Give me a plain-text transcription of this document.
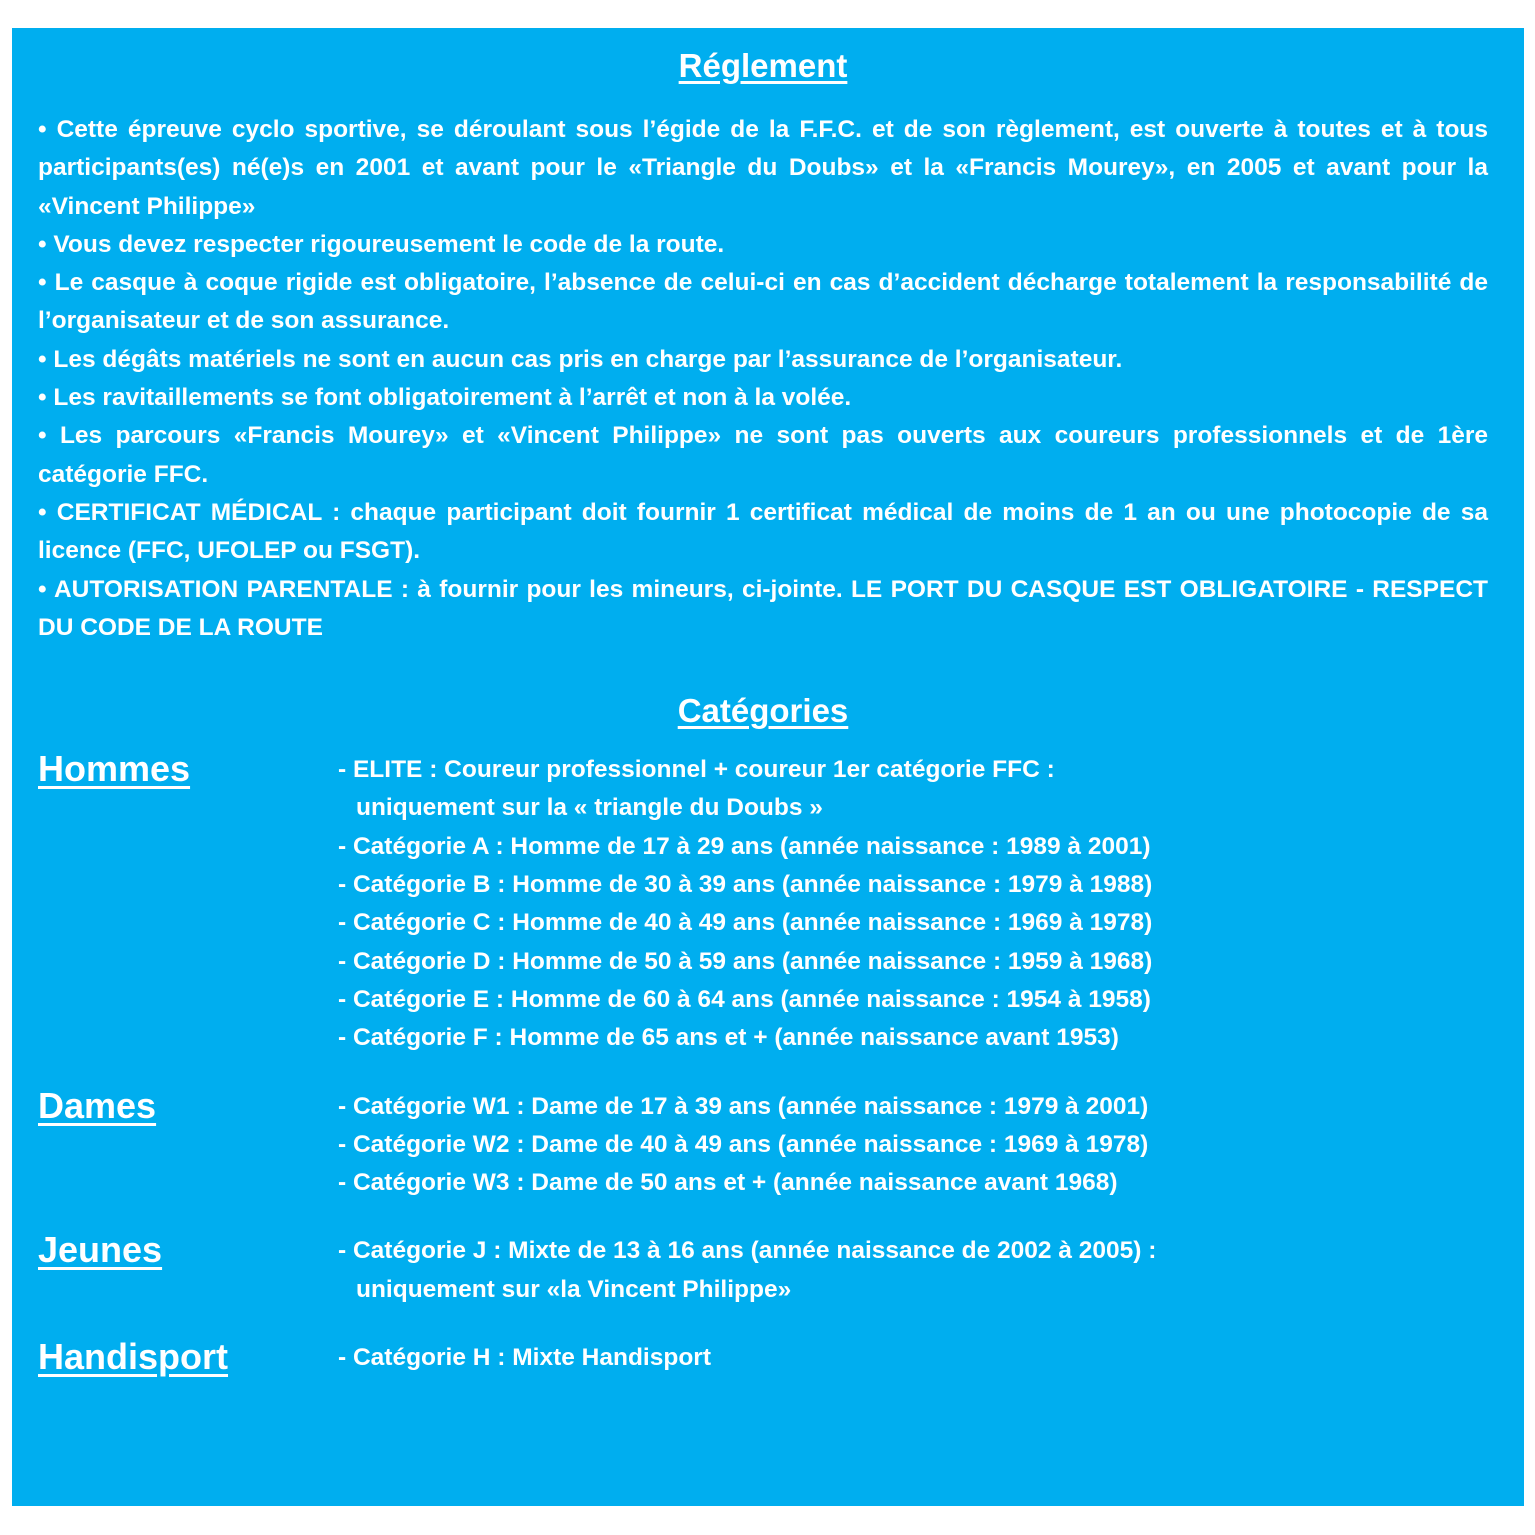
Réglement

• Cette épreuve cyclo sportive, se déroulant sous l’égide de la F.F.C. et de son règlement, est ouverte à toutes et à tous participants(es) né(e)s en 2001 et avant pour le «Triangle du Doubs» et la «Francis Mourey», en 2005 et avant pour la «Vincent Philippe»

• Vous devez respecter rigoureusement le code de la route.

• Le casque à coque rigide est obligatoire, l’absence de celui-ci en cas d’accident décharge totalement la responsabilité de l’organisateur et de son assurance.

• Les dégâts matériels ne sont en aucun cas pris en charge par l’assurance de l’organisateur.

• Les ravitaillements se font obligatoirement à l’arrêt et non à la volée.

• Les parcours «Francis Mourey» et «Vincent Philippe» ne sont pas ouverts aux coureurs professionnels et de 1ère catégorie FFC.

• CERTIFICAT MÉDICAL : chaque participant doit fournir 1 certificat médical de moins de 1 an ou une photocopie de sa licence (FFC, UFOLEP ou FSGT).

• AUTORISATION PARENTALE : à fournir pour les mineurs, ci-jointe. LE PORT DU CASQUE EST OBLIGATOIRE - RESPECT DU CODE DE LA ROUTE

Catégories
Hommes	- ELITE : Coureur professionnel + coureur 1er catégorie FFC :
uniquement sur la « triangle du Doubs »
- Catégorie A : Homme de 17 à 29 ans (année naissance : 1989 à 2001)
- Catégorie B : Homme de 30 à 39 ans (année naissance : 1979 à 1988)
- Catégorie C : Homme de 40 à 49 ans (année naissance : 1969 à 1978)
- Catégorie D : Homme de 50 à 59 ans (année naissance : 1959 à 1968)
- Catégorie E : Homme de 60 à 64 ans (année naissance : 1954 à 1958)
- Catégorie F : Homme de 65 ans et + (année naissance avant 1953)
Dames	- Catégorie W1 : Dame de 17 à 39 ans (année naissance : 1979 à 2001)
- Catégorie W2 : Dame de 40 à 49 ans (année naissance : 1969 à 1978)
- Catégorie W3 : Dame de 50 ans et + (année naissance avant 1968)
Jeunes	- Catégorie J : Mixte de 13 à 16 ans (année naissance de 2002 à 2005) :
uniquement sur «la Vincent Philippe»
Handisport	- Catégorie H : Mixte Handisport
